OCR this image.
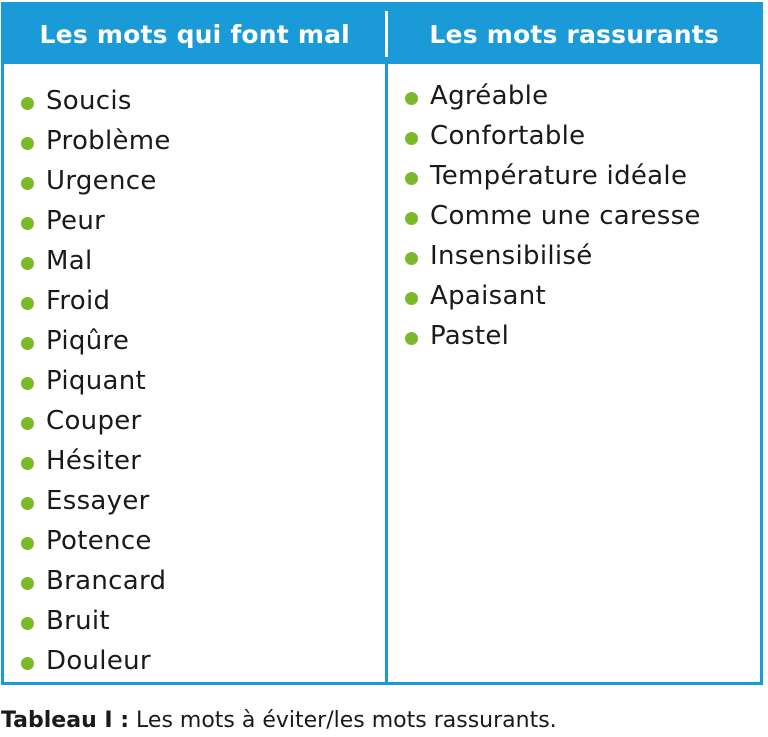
Les mots qui font mal	Les mots rassurants
Soucis
Problème
Urgence
Peur
Mal
Froid
Piqûre
Piquant
Couper
Hésiter
Essayer
Potence
Brancard
Bruit
Douleur
Agréable
Confortable
Température idéale
Comme une caresse
Insensibilisé
Apaisant
Pastel
Tableau I : Les mots à éviter/les mots rassurants.
